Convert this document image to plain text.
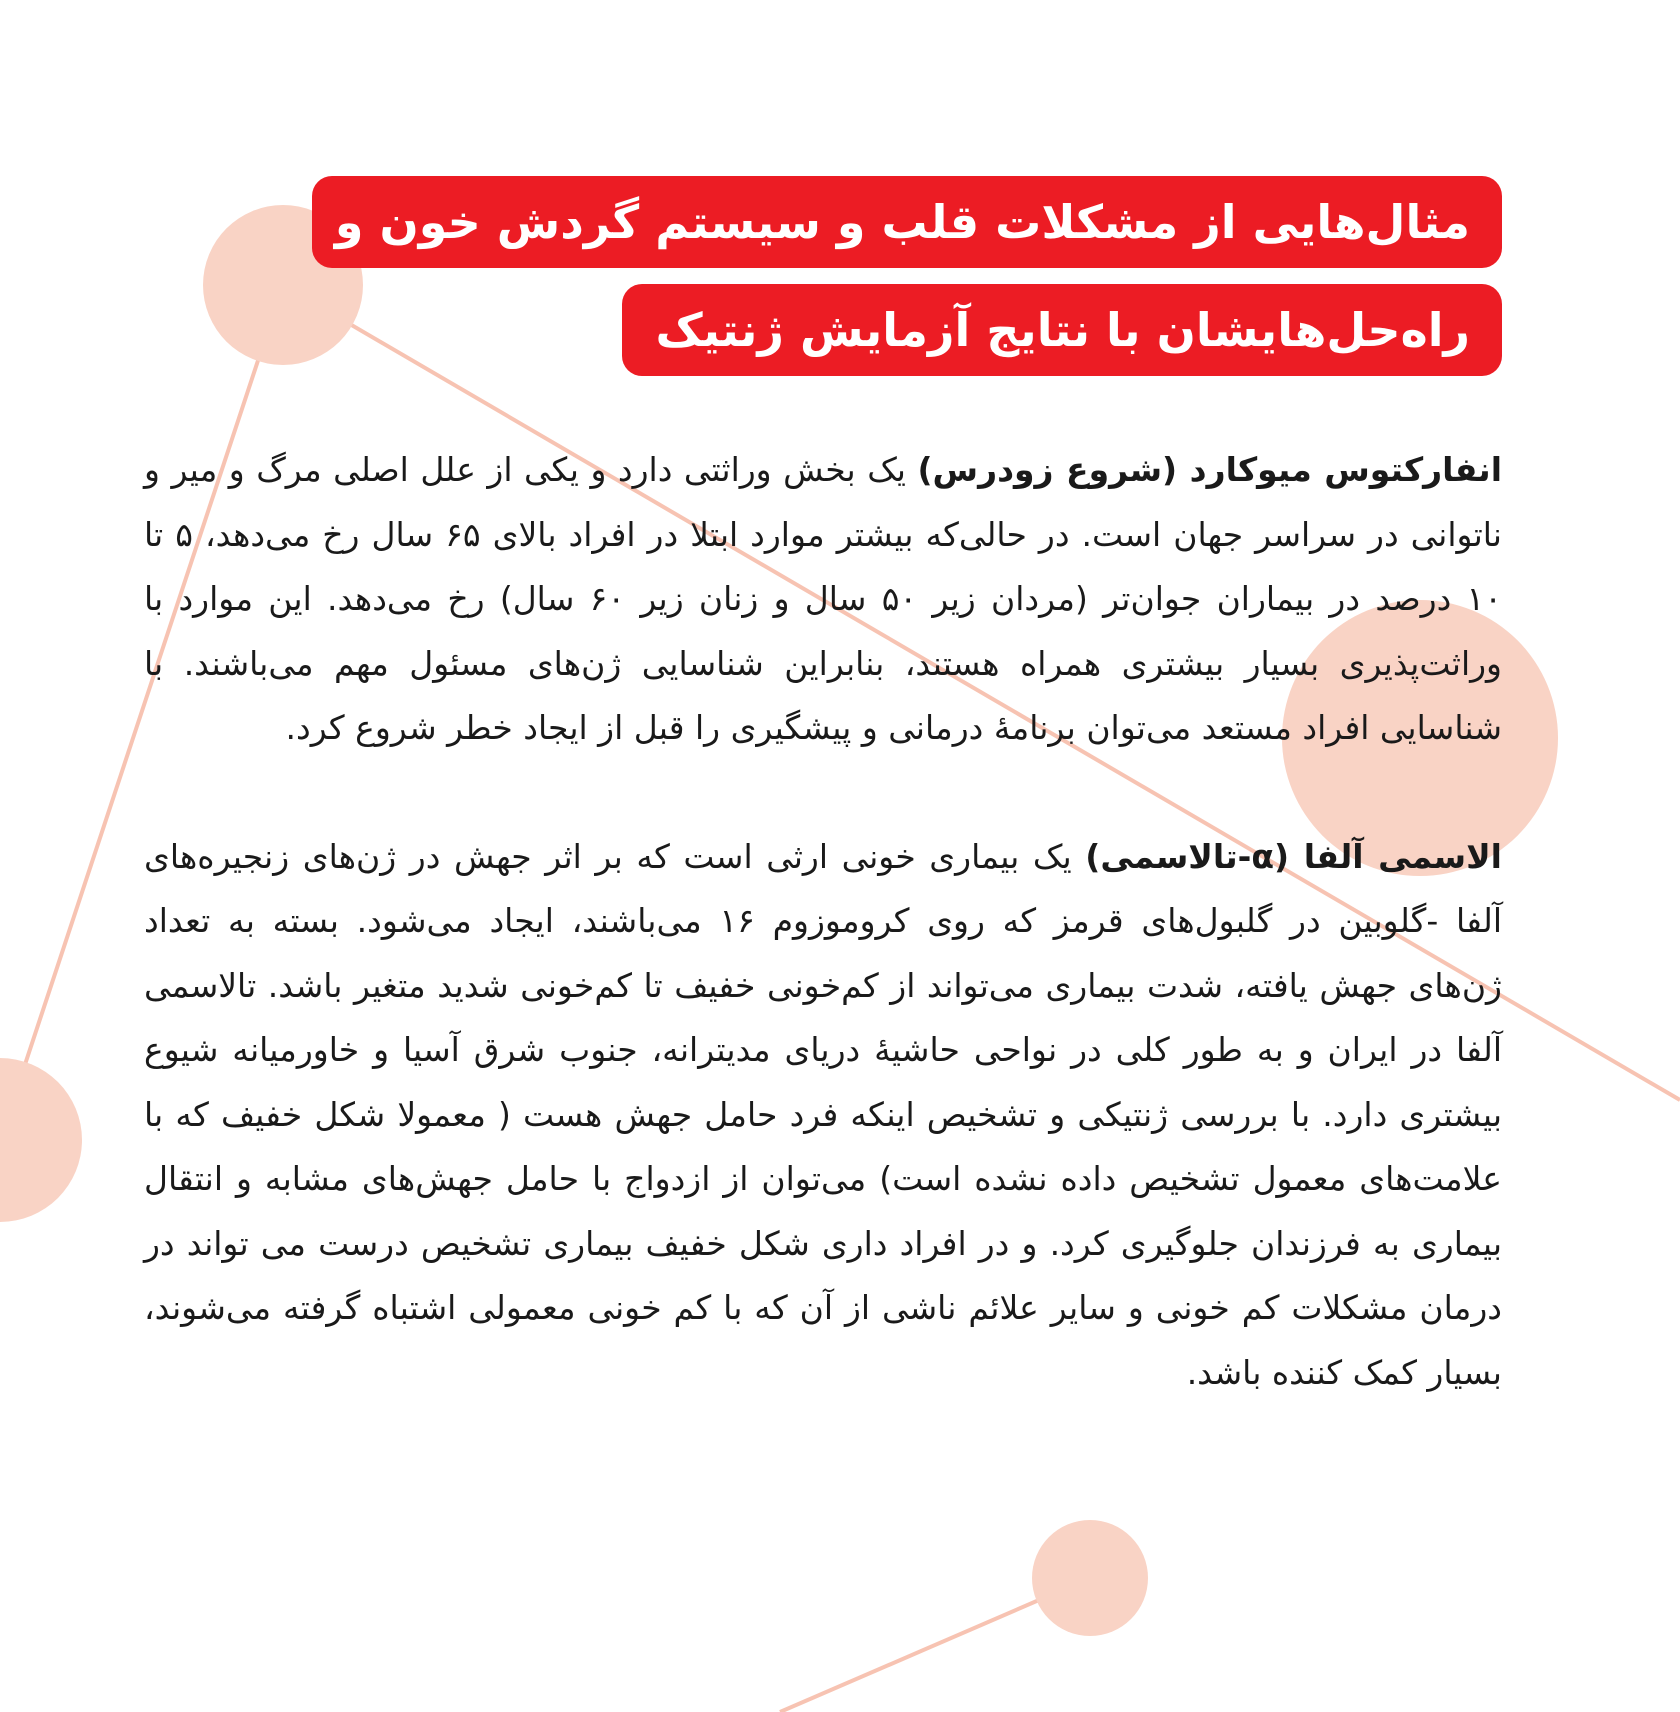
مثال‌هایی از مشکلات قلب و سیستم گردش خون و
راه‌حل‌هایشان با نتایج آزمایش ژنتیک

انفارکتوس میوکارد (شروع زودرس) یک بخش وراثتی دارد و یکی از علل اصلی مرگ و میر و ناتوانی در سراسر جهان است. در حالی‌که بیشتر موارد ابتلا در افراد بالای ۶۵ سال رخ می‌دهد، ۵ تا ۱۰ درصد در بیماران جوان‌تر (مردان زیر ۵۰ سال و زنان زیر ۶۰ سال) رخ می‌دهد. این موارد با وراثت‌پذیری بسیار بیشتری همراه هستند، بنابراین شناسایی ژن‌های مسئول مهم می‌باشند. با شناسایی افراد مستعد می‌توان برنامۀ درمانی و پیشگیری را قبل از ایجاد خطر شروع کرد.

الاسمی آلفا (α-تالاسمی) یک بیماری خونی ارثی است که بر اثر جهش در ژن‌های زنجیره‌های آلفا -گلوبین در گلبول‌های قرمز که روی کروموزوم ۱۶ می‌باشند، ایجاد می‌شود. بسته به تعداد ژن‌های جهش یافته، شدت بیماری می‌تواند از کم‌خونی خفیف تا کم‌خونی شدید متغیر باشد. تالاسمی آلفا در ایران و به طور کلی در نواحی حاشیۀ دریای مدیترانه، جنوب شرق آسیا و خاورمیانه شیوع بیشتری دارد. با بررسی ژنتیکی و تشخیص اینکه فرد حامل جهش هست ( معمولا شکل خفیف که با علامت‌های معمول تشخیص داده نشده است) می‌توان از ازدواج با حامل جهش‌های مشابه و انتقال بیماری به فرزندان جلوگیری کرد. و در افراد داری شکل خفیف بیماری تشخیص درست می تواند در درمان مشکلات کم خونی و سایر علائم ناشی از آن که با کم خونی معمولی اشتباه گرفته می‌شوند، بسیار کمک کننده باشد.
